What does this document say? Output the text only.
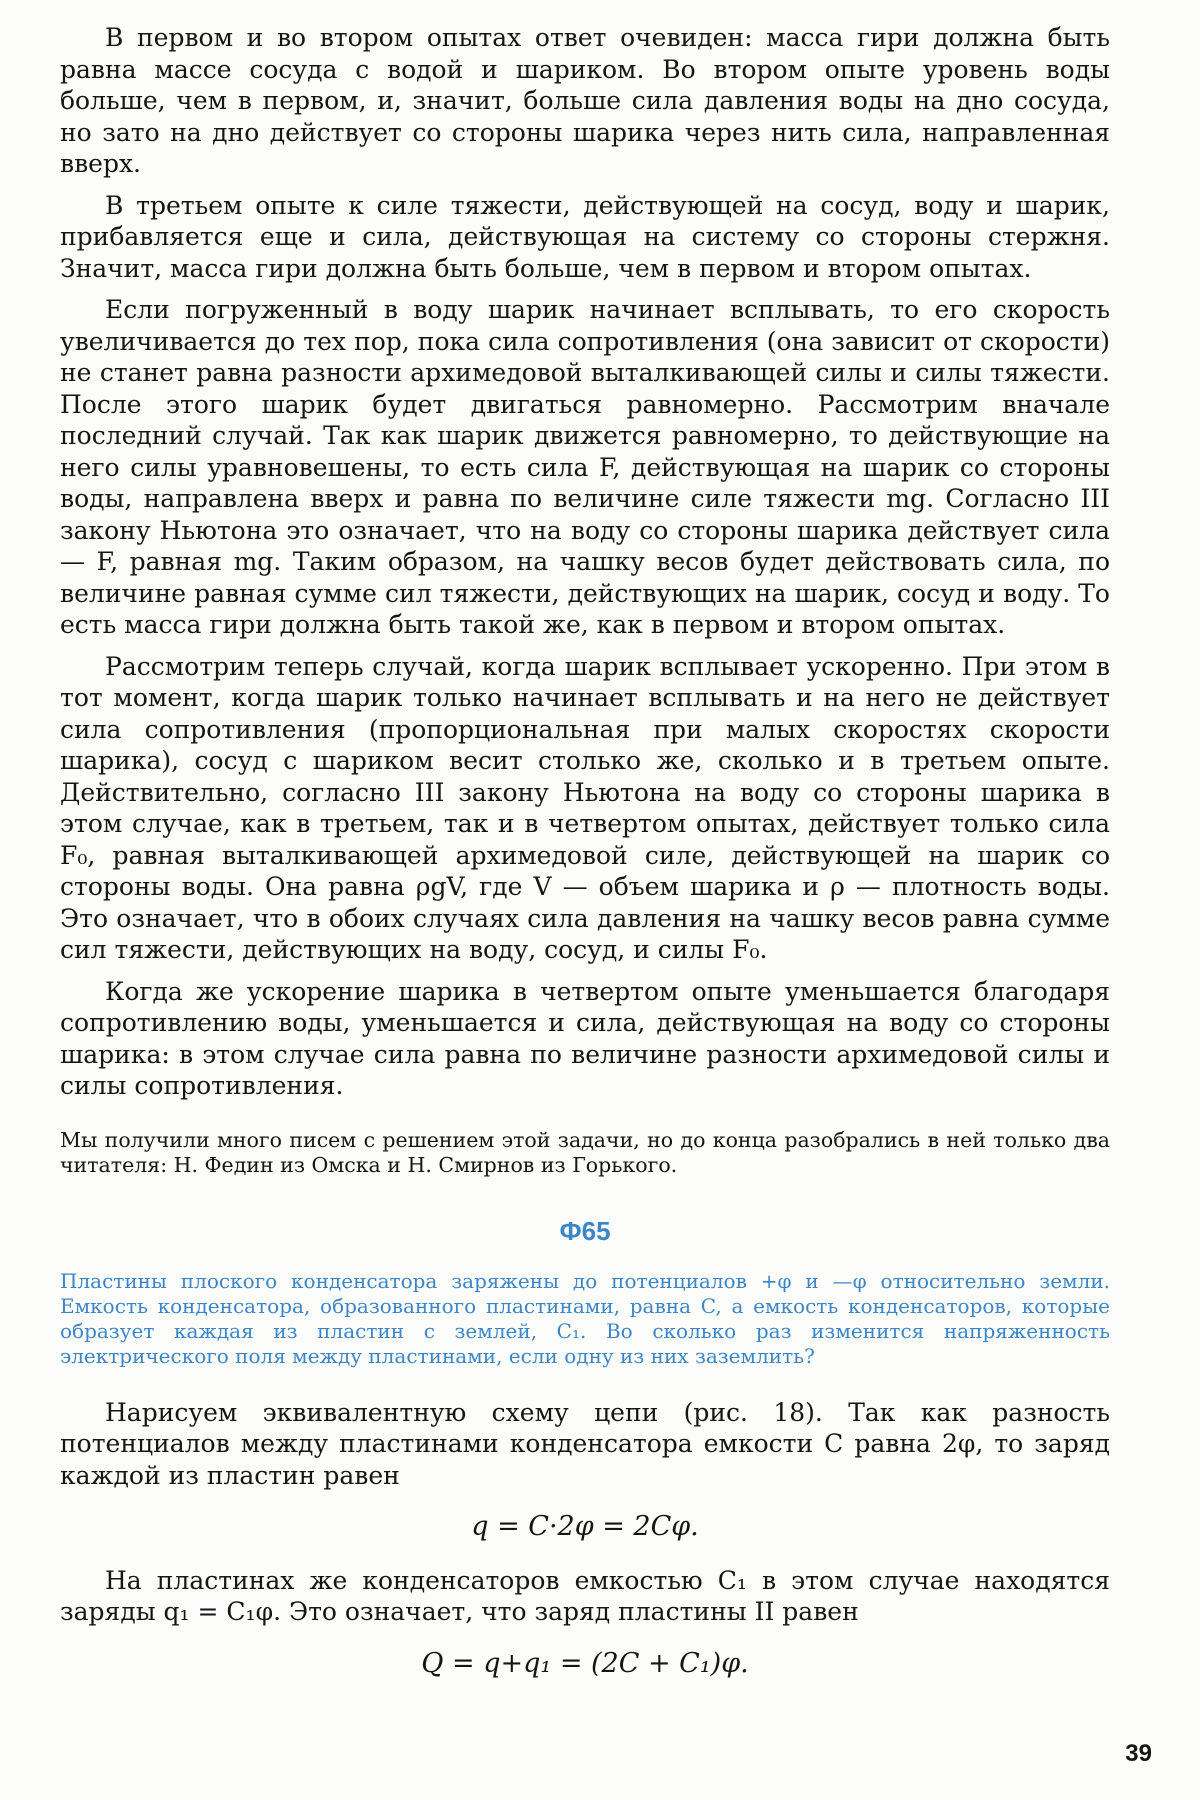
В первом и во втором опытах ответ очевиден: масса гири должна быть равна массе сосуда с водой и шариком. Во втором опыте уровень воды больше, чем в первом, и, значит, больше сила давления воды на дно сосуда, но зато на дно действует со стороны шарика через нить сила, направленная вверх.

В третьем опыте к силе тяжести, действующей на сосуд, воду и шарик, прибавляется еще и сила, действующая на систему со стороны стержня. Значит, масса гири должна быть больше, чем в первом и втором опытах.

Если погруженный в воду шарик начинает всплывать, то его скорость увеличивается до тех пор, пока сила сопротивления (она зависит от скорости) не станет равна разности архимедовой выталкивающей силы и силы тяжести. После этого шарик будет двигаться равномерно. Рассмотрим вначале последний случай. Так как шарик движется равномерно, то действующие на него силы уравновешены, то есть сила F, действующая на шарик со стороны воды, направлена вверх и равна по величине силе тяжести mg. Согласно III закону Ньютона это означает, что на воду со стороны шарика действует сила — F, равная mg. Таким образом, на чашку весов будет действовать сила, по величине равная сумме сил тяжести, действующих на шарик, сосуд и воду. То есть масса гири должна быть такой же, как в первом и втором опытах.

Рассмотрим теперь случай, когда шарик всплывает ускоренно. При этом в тот момент, когда шарик только начинает всплывать и на него не действует сила сопротивления (пропорциональная при малых скоростях скорости шарика), сосуд с шариком весит столько же, сколько и в третьем опыте. Действительно, согласно III закону Ньютона на воду со стороны шарика в этом случае, как в третьем, так и в четвертом опытах, действует только сила F₀, равная выталкивающей архимедовой силе, действующей на шарик со стороны воды. Она равна ρgV, где V — объем шарика и ρ — плотность воды. Это означает, что в обоих случаях сила давления на чашку весов равна сумме сил тяжести, действующих на воду, сосуд, и силы F₀.

Когда же ускорение шарика в четвертом опыте уменьшается благодаря сопротивлению воды, уменьшается и сила, действующая на воду со стороны шарика: в этом случае сила равна по величине разности архимедовой силы и силы сопротивления.

Мы получили много писем с решением этой задачи, но до конца разобрались в ней только два читателя: Н. Федин из Омска и Н. Смирнов из Горького.

Ф65

Пластины плоского конденсатора заряжены до потенциалов +φ и —φ относительно земли. Емкость конденсатора, образованного пластинами, равна C, а емкость конденсаторов, которые образует каждая из пластин с землей, C₁. Во сколько раз изменится напряженность электрического поля между пластинами, если одну из них заземлить?

Нарисуем эквивалентную схему цепи (рис. 18). Так как разность потенциалов между пластинами конденсатора емкости C равна 2φ, то заряд каждой из пластин равен

q = C·2φ = 2Cφ.

На пластинах же конденсаторов емкостью C₁ в этом случае находятся заряды q₁ = C₁φ. Это означает, что заряд пластины II равен

Q = q+q₁ = (2C + C₁)φ.
39
